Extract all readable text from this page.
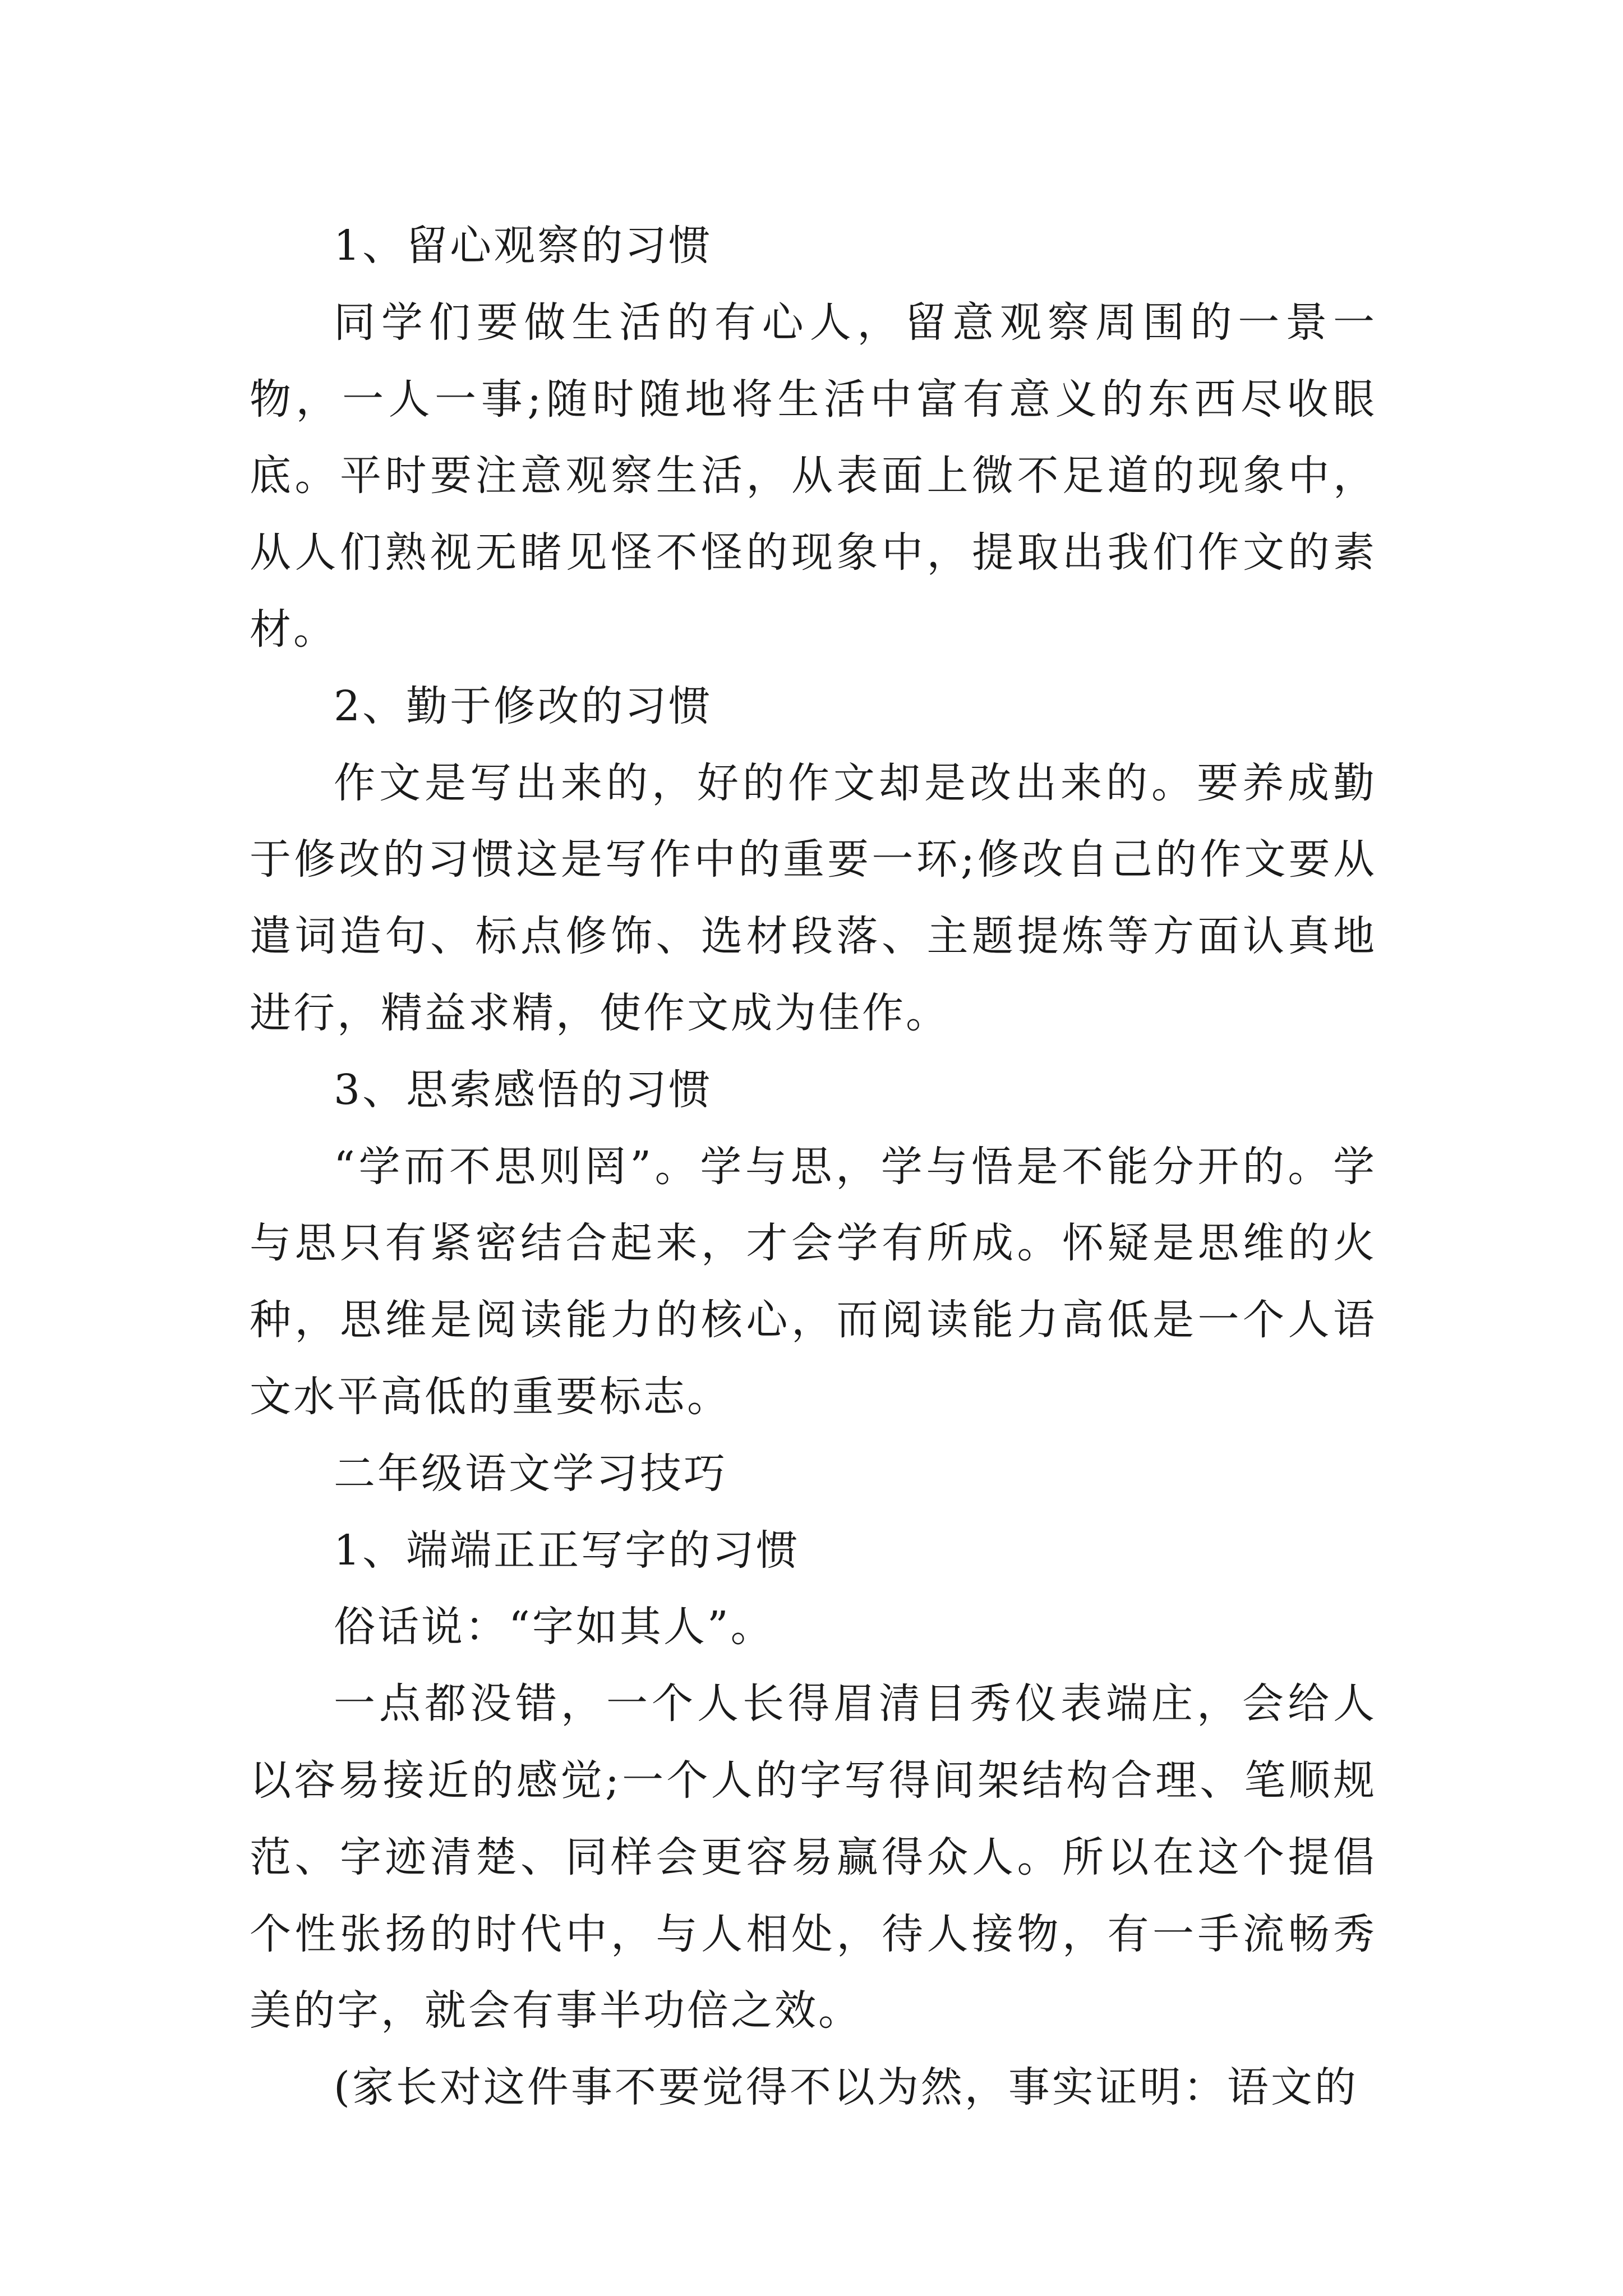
1、留心观察的习惯

同学们要做生活的有心人，留意观察周围的一景一物，一人一事;随时随地将生活中富有意义的东西尽收眼底。平时要注意观察生活，从表面上微不足道的现象中，从人们熟视无睹见怪不怪的现象中，提取出我们作文的素材。

2、勤于修改的习惯

作文是写出来的，好的作文却是改出来的。要养成勤于修改的习惯这是写作中的重要一环;修改自己的作文要从遣词造句、标点修饰、选材段落、主题提炼等方面认真地进行，精益求精，使作文成为佳作。

3、思索感悟的习惯

“学而不思则罔”。学与思，学与悟是不能分开的。学与思只有紧密结合起来，才会学有所成。怀疑是思维的火种，思维是阅读能力的核心，而阅读能力高低是一个人语文水平高低的重要标志。

二年级语文学习技巧

1、端端正正写字的习惯

俗话说：“字如其人”。

一点都没错，一个人长得眉清目秀仪表端庄，会给人以容易接近的感觉;一个人的字写得间架结构合理、笔顺规范、字迹清楚、同样会更容易赢得众人。所以在这个提倡个性张扬的时代中，与人相处，待人接物，有一手流畅秀美的字，就会有事半功倍之效。

(家长对这件事不要觉得不以为然，事实证明：语文的
